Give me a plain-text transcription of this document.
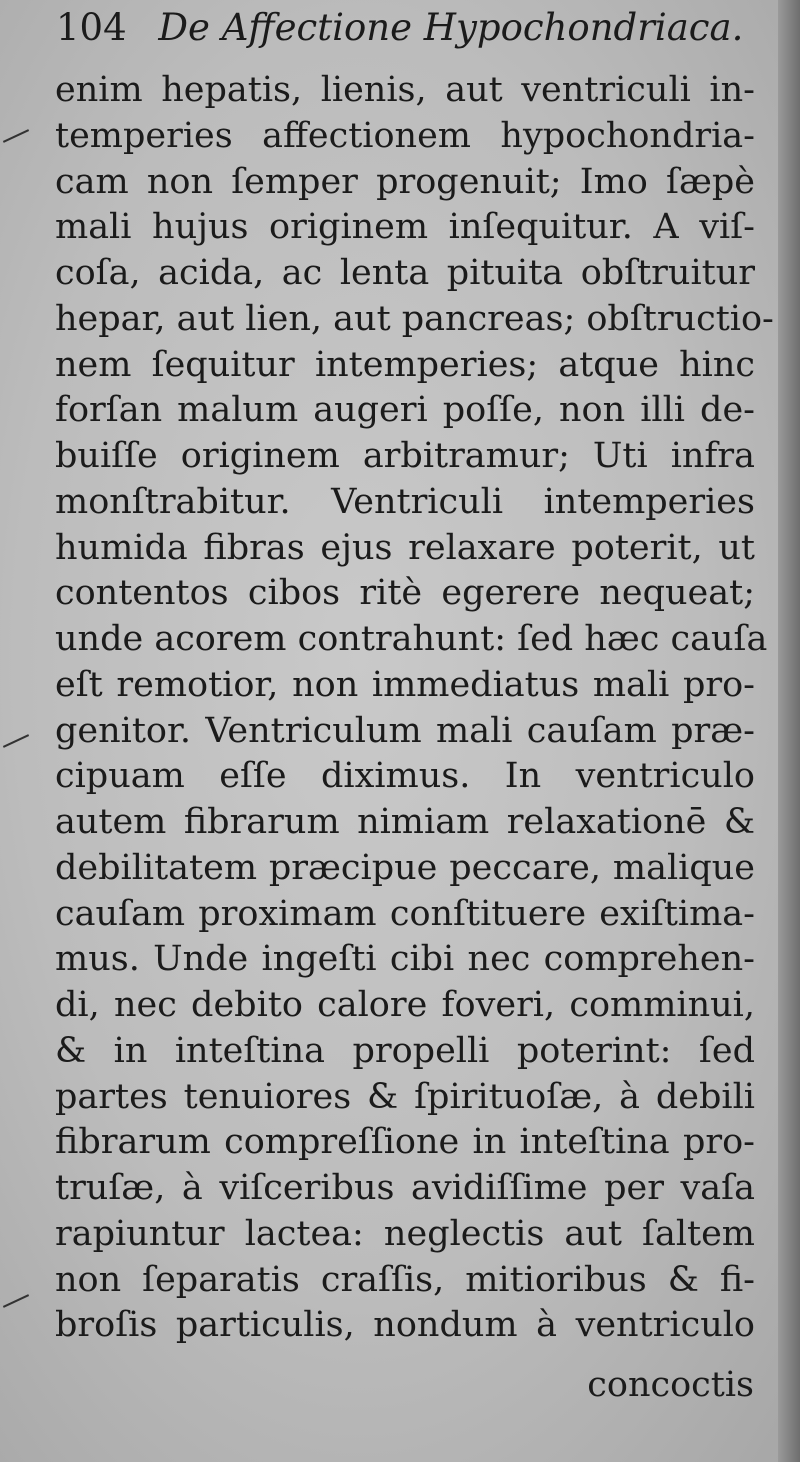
104 De Affectione Hypochondriaca.
enim hepatis, lienis, aut ventriculi in-
temperies affectionem hypochondria-
cam non ſemper progenuit; Imo ſæpè
mali hujus originem inſequitur. A viſ-
coſa, acida, ac lenta pituita obſtruitur
hepar, aut lien, aut pancreas; obſtructio-
nem ſequitur intemperies; atque hinc
forſan malum augeri poſſe, non illi de-
buiſſe originem arbitramur; Uti infra
monſtrabitur. Ventriculi intemperies
humida fibras ejus relaxare poterit, ut
contentos cibos ritè egerere nequeat;
unde acorem contrahunt: ſed hæc cauſa
eſt remotior, non immediatus mali pro-
genitor. Ventriculum mali cauſam præ-
cipuam eſſe diximus. In ventriculo
autem fibrarum nimiam relaxationē &
debilitatem præcipue peccare, malique
cauſam proximam conſtituere exiſtima-
mus. Unde ingeſti cibi nec comprehen-
di, nec debito calore foveri, comminui,
& in inteſtina propelli poterint: ſed
partes tenuiores & ſpirituoſæ, à debili
fibrarum compreſſione in inteſtina pro-
truſæ, à viſceribus avidiſſime per vaſa
rapiuntur lactea: neglectis aut ſaltem
non ſeparatis craſſis, mitioribus & fi-
broſis particulis, nondum à ventriculo
concoctis
